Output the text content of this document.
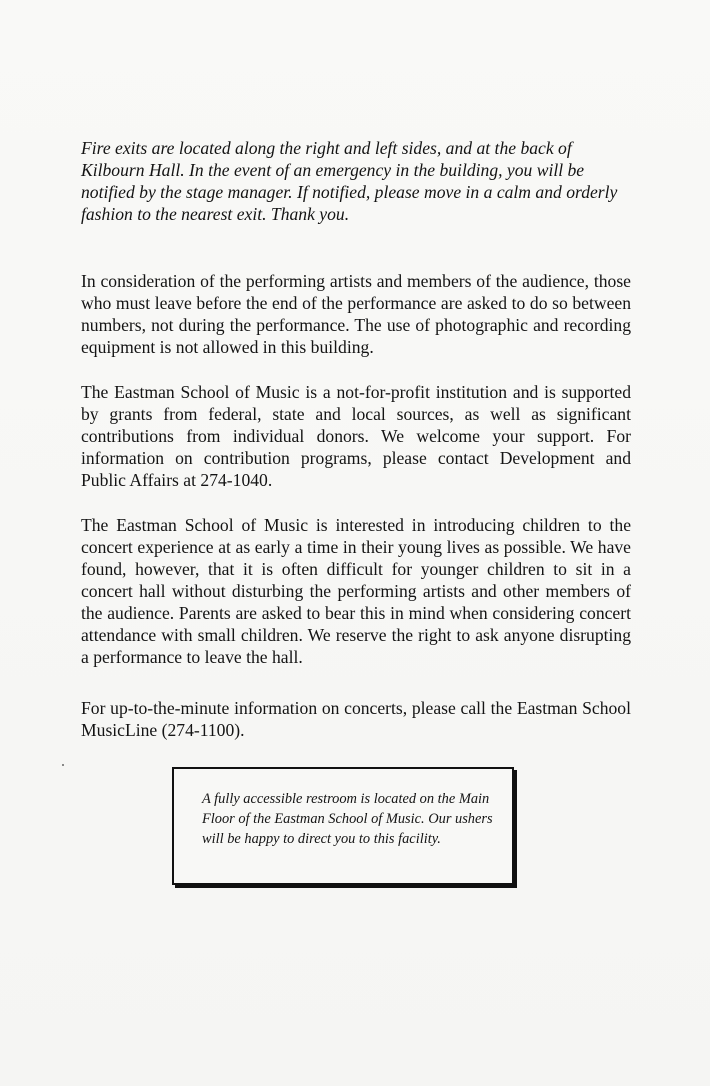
Fire exits are located along the right and left sides, and at the back of Kilbourn Hall. In the event of an emergency in the building, you will be notified by the stage manager. If notified, please move in a calm and orderly fashion to the nearest exit. Thank you.

In consideration of the performing artists and members of the audience, those who must leave before the end of the performance are asked to do so between numbers, not during the performance. The use of photographic and recording equipment is not allowed in this building.

The Eastman School of Music is a not-for-profit institution and is supported by grants from federal, state and local sources, as well as significant contributions from individual donors. We welcome your support. For information on contribution programs, please contact Development and Public Affairs at 274-1040.

The Eastman School of Music is interested in introducing children to the concert experience at as early a time in their young lives as possible. We have found, however, that it is often difficult for younger children to sit in a concert hall without disturbing the performing artists and other members of the audience. Parents are asked to bear this in mind when considering concert attendance with small children. We reserve the right to ask anyone disrupting a performance to leave the hall.

For up-to-the-minute information on concerts, please call the Eastman School MusicLine (274-1100).

A fully accessible restroom is located on the Main Floor of the Eastman School of Music. Our ushers will be happy to direct you to this facility.
